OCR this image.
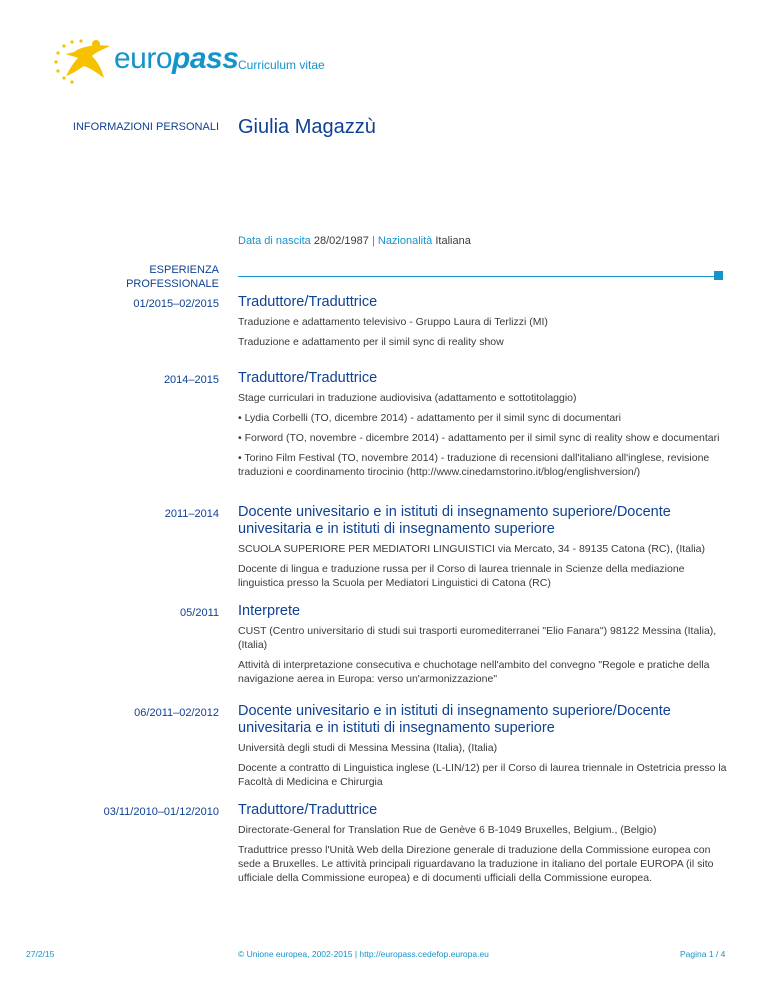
europass Curriculum vitae
INFORMAZIONI PERSONALI Giulia Magazzù
Data di nascita 28/02/1987 | Nazionalità Italiana
ESPERIENZA
PROFESSIONALE
01/2015–02/2015 Traduttore/Traduttrice

Traduzione e adattamento televisivo - Gruppo Laura di Terlizzi (MI)

Traduzione e adattamento per il simil sync di reality show

2014–2015 Traduttore/Traduttrice

Stage curriculari in traduzione audiovisiva (adattamento e sottotitolaggio)

• Lydia Corbelli (TO, dicembre 2014) - adattamento per il simil sync di documentari

• Forword (TO, novembre - dicembre 2014) - adattamento per il simil sync di reality show e documentari

• Torino Film Festival (TO, novembre 2014) - traduzione di recensioni dall'italiano all'inglese, revisione traduzioni e coordinamento tirocinio (http://www.cinedamstorino.it/blog/englishversion/)

2011–2014 Docente univesitario e in istituti di insegnamento superiore/Docente univesitaria e in istituti di insegnamento superiore

SCUOLA SUPERIORE PER MEDIATORI LINGUISTICI via Mercato, 34 - 89135 Catona (RC), (Italia)

Docente di lingua e traduzione russa per il Corso di laurea triennale in Scienze della mediazione linguistica presso la Scuola per Mediatori Linguistici di Catona (RC)

05/2011 Interprete

CUST (Centro universitario di studi sui trasporti euromediterranei "Elio Fanara") 98122 Messina (Italia), (Italia)

Attività di interpretazione consecutiva e chuchotage nell'ambito del convegno "Regole e pratiche della navigazione aerea in Europa: verso un'armonizzazione"

06/2011–02/2012 Docente univesitario e in istituti di insegnamento superiore/Docente univesitaria e in istituti di insegnamento superiore

Università degli studi di Messina Messina (Italia), (Italia)

Docente a contratto di Linguistica inglese (L-LIN/12) per il Corso di laurea triennale in Ostetricia presso la Facoltà di Medicina e Chirurgia

03/11/2010–01/12/2010 Traduttore/Traduttrice

Directorate-General for Translation Rue de Genève 6 B-1049 Bruxelles, Belgium., (Belgio)

Traduttrice presso l'Unità Web della Direzione generale di traduzione della Commissione europea con sede a Bruxelles. Le attività principali riguardavano la traduzione in italiano del portale EUROPA (il sito ufficiale della Commissione europea) e di documenti ufficiali della Commissione europea.

27/2/15	© Unione europea, 2002-2015 | http://europass.cedefop.europa.eu	Pagina 1 / 4
